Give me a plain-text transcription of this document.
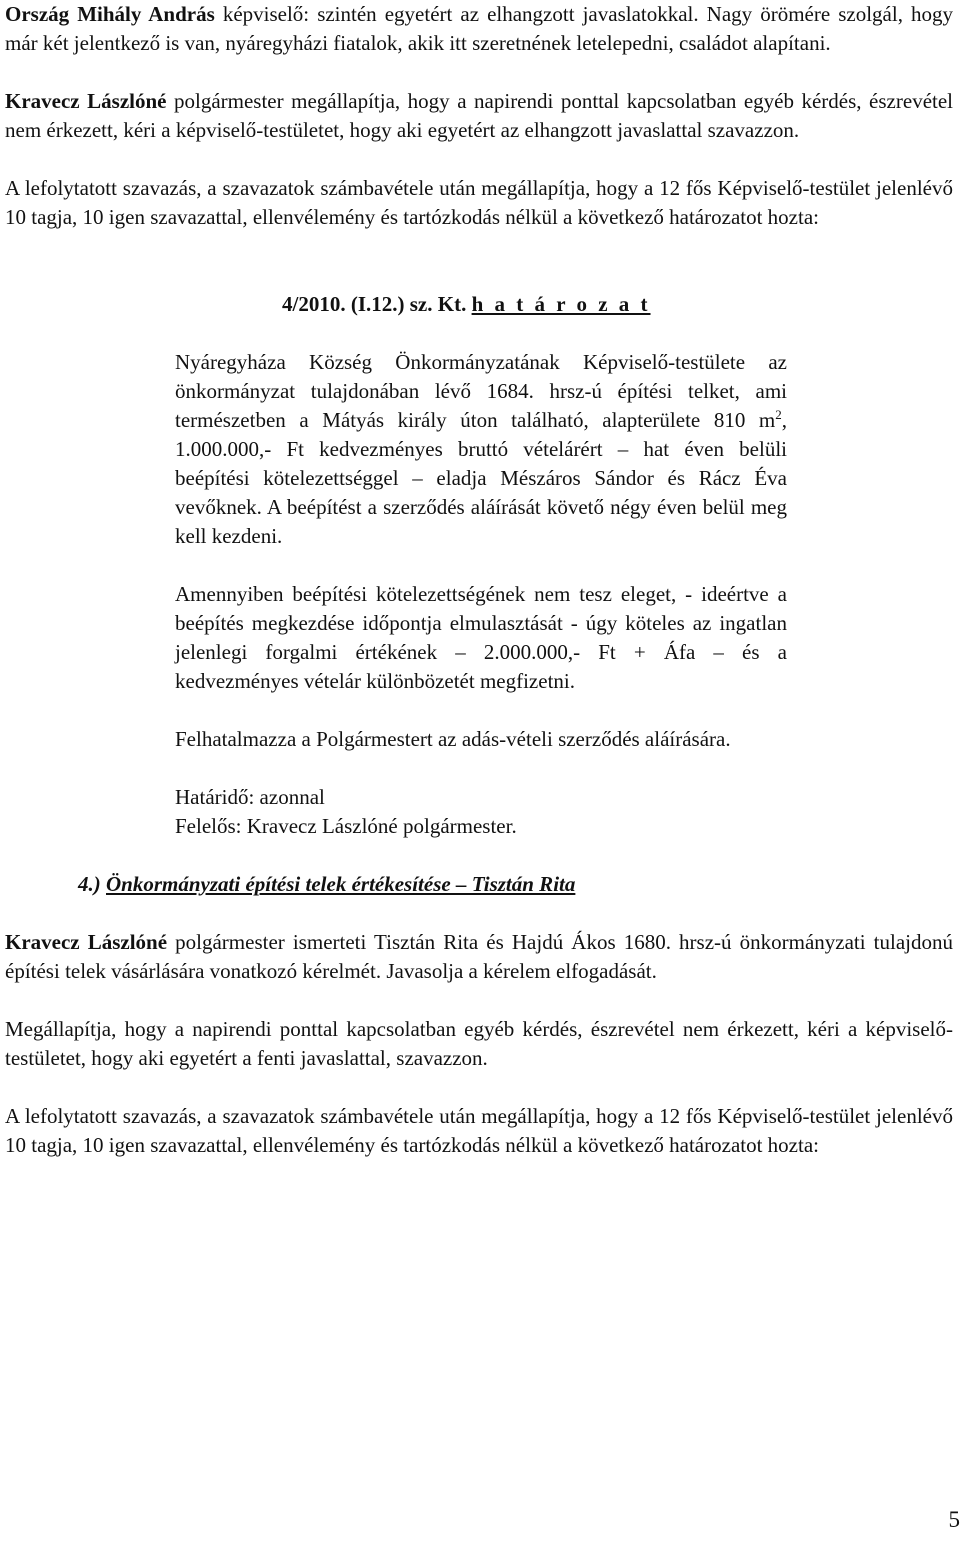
Ország Mihály András képviselő: szintén egyetért az elhangzott javaslatokkal. Nagy örömére szolgál, hogy már két jelentkező is van, nyáregyházi fiatalok, akik itt szeretnének letelepedni, családot alapítani.

Kravecz Lászlóné polgármester megállapítja, hogy a napirendi ponttal kapcsolatban egyéb kérdés, észrevétel nem érkezett, kéri a képviselő-testületet, hogy aki egyetért az elhangzott javaslattal szavazzon.

A lefolytatott szavazás, a szavazatok számbavétele után megállapítja, hogy a 12 fős Képviselő-testület jelenlévő 10 tagja, 10 igen szavazattal, ellenvélemény és tartózkodás nélkül a következő határozatot hozta:

4/2010. (I.12.) sz. Kt. h a t á r o z a t

Nyáregyháza Község Önkormányzatának Képviselő-testülete az önkormányzat tulajdonában lévő 1684. hrsz-ú építési telket, ami természetben a Mátyás király úton található, alapterülete 810 $m^2$, 1.000.000,- Ft kedvezményes bruttó vételárért – hat éven belüli beépítési kötelezettséggel – eladja Mészáros Sándor és Rácz Éva vevőknek. A beépítést a szerződés aláírását követő négy éven belül meg kell kezdeni.

Amennyiben beépítési kötelezettségének nem tesz eleget, - ideértve a beépítés megkezdése időpontja elmulasztását - úgy köteles az ingatlan jelenlegi forgalmi értékének – 2.000.000,- Ft + Áfa – és a kedvezményes vételár különbözetét megfizetni.

Felhatalmazza a Polgármestert az adás-vételi szerződés aláírására.

Határidő: azonnal

Felelős: Kravecz Lászlóné polgármester.

4.) Önkormányzati építési telek értékesítése – Tisztán Rita

Kravecz Lászlóné polgármester ismerteti Tisztán Rita és Hajdú Ákos 1680. hrsz-ú önkormányzati tulajdonú építési telek vásárlására vonatkozó kérelmét. Javasolja a kérelem elfogadását.

Megállapítja, hogy a napirendi ponttal kapcsolatban egyéb kérdés, észrevétel nem érkezett, kéri a képviselő-testületet, hogy aki egyetért a fenti javaslattal, szavazzon.

A lefolytatott szavazás, a szavazatok számbavétele után megállapítja, hogy a 12 fős Képviselő-testület jelenlévő 10 tagja, 10 igen szavazattal, ellenvélemény és tartózkodás nélkül a következő határozatot hozta:

5
